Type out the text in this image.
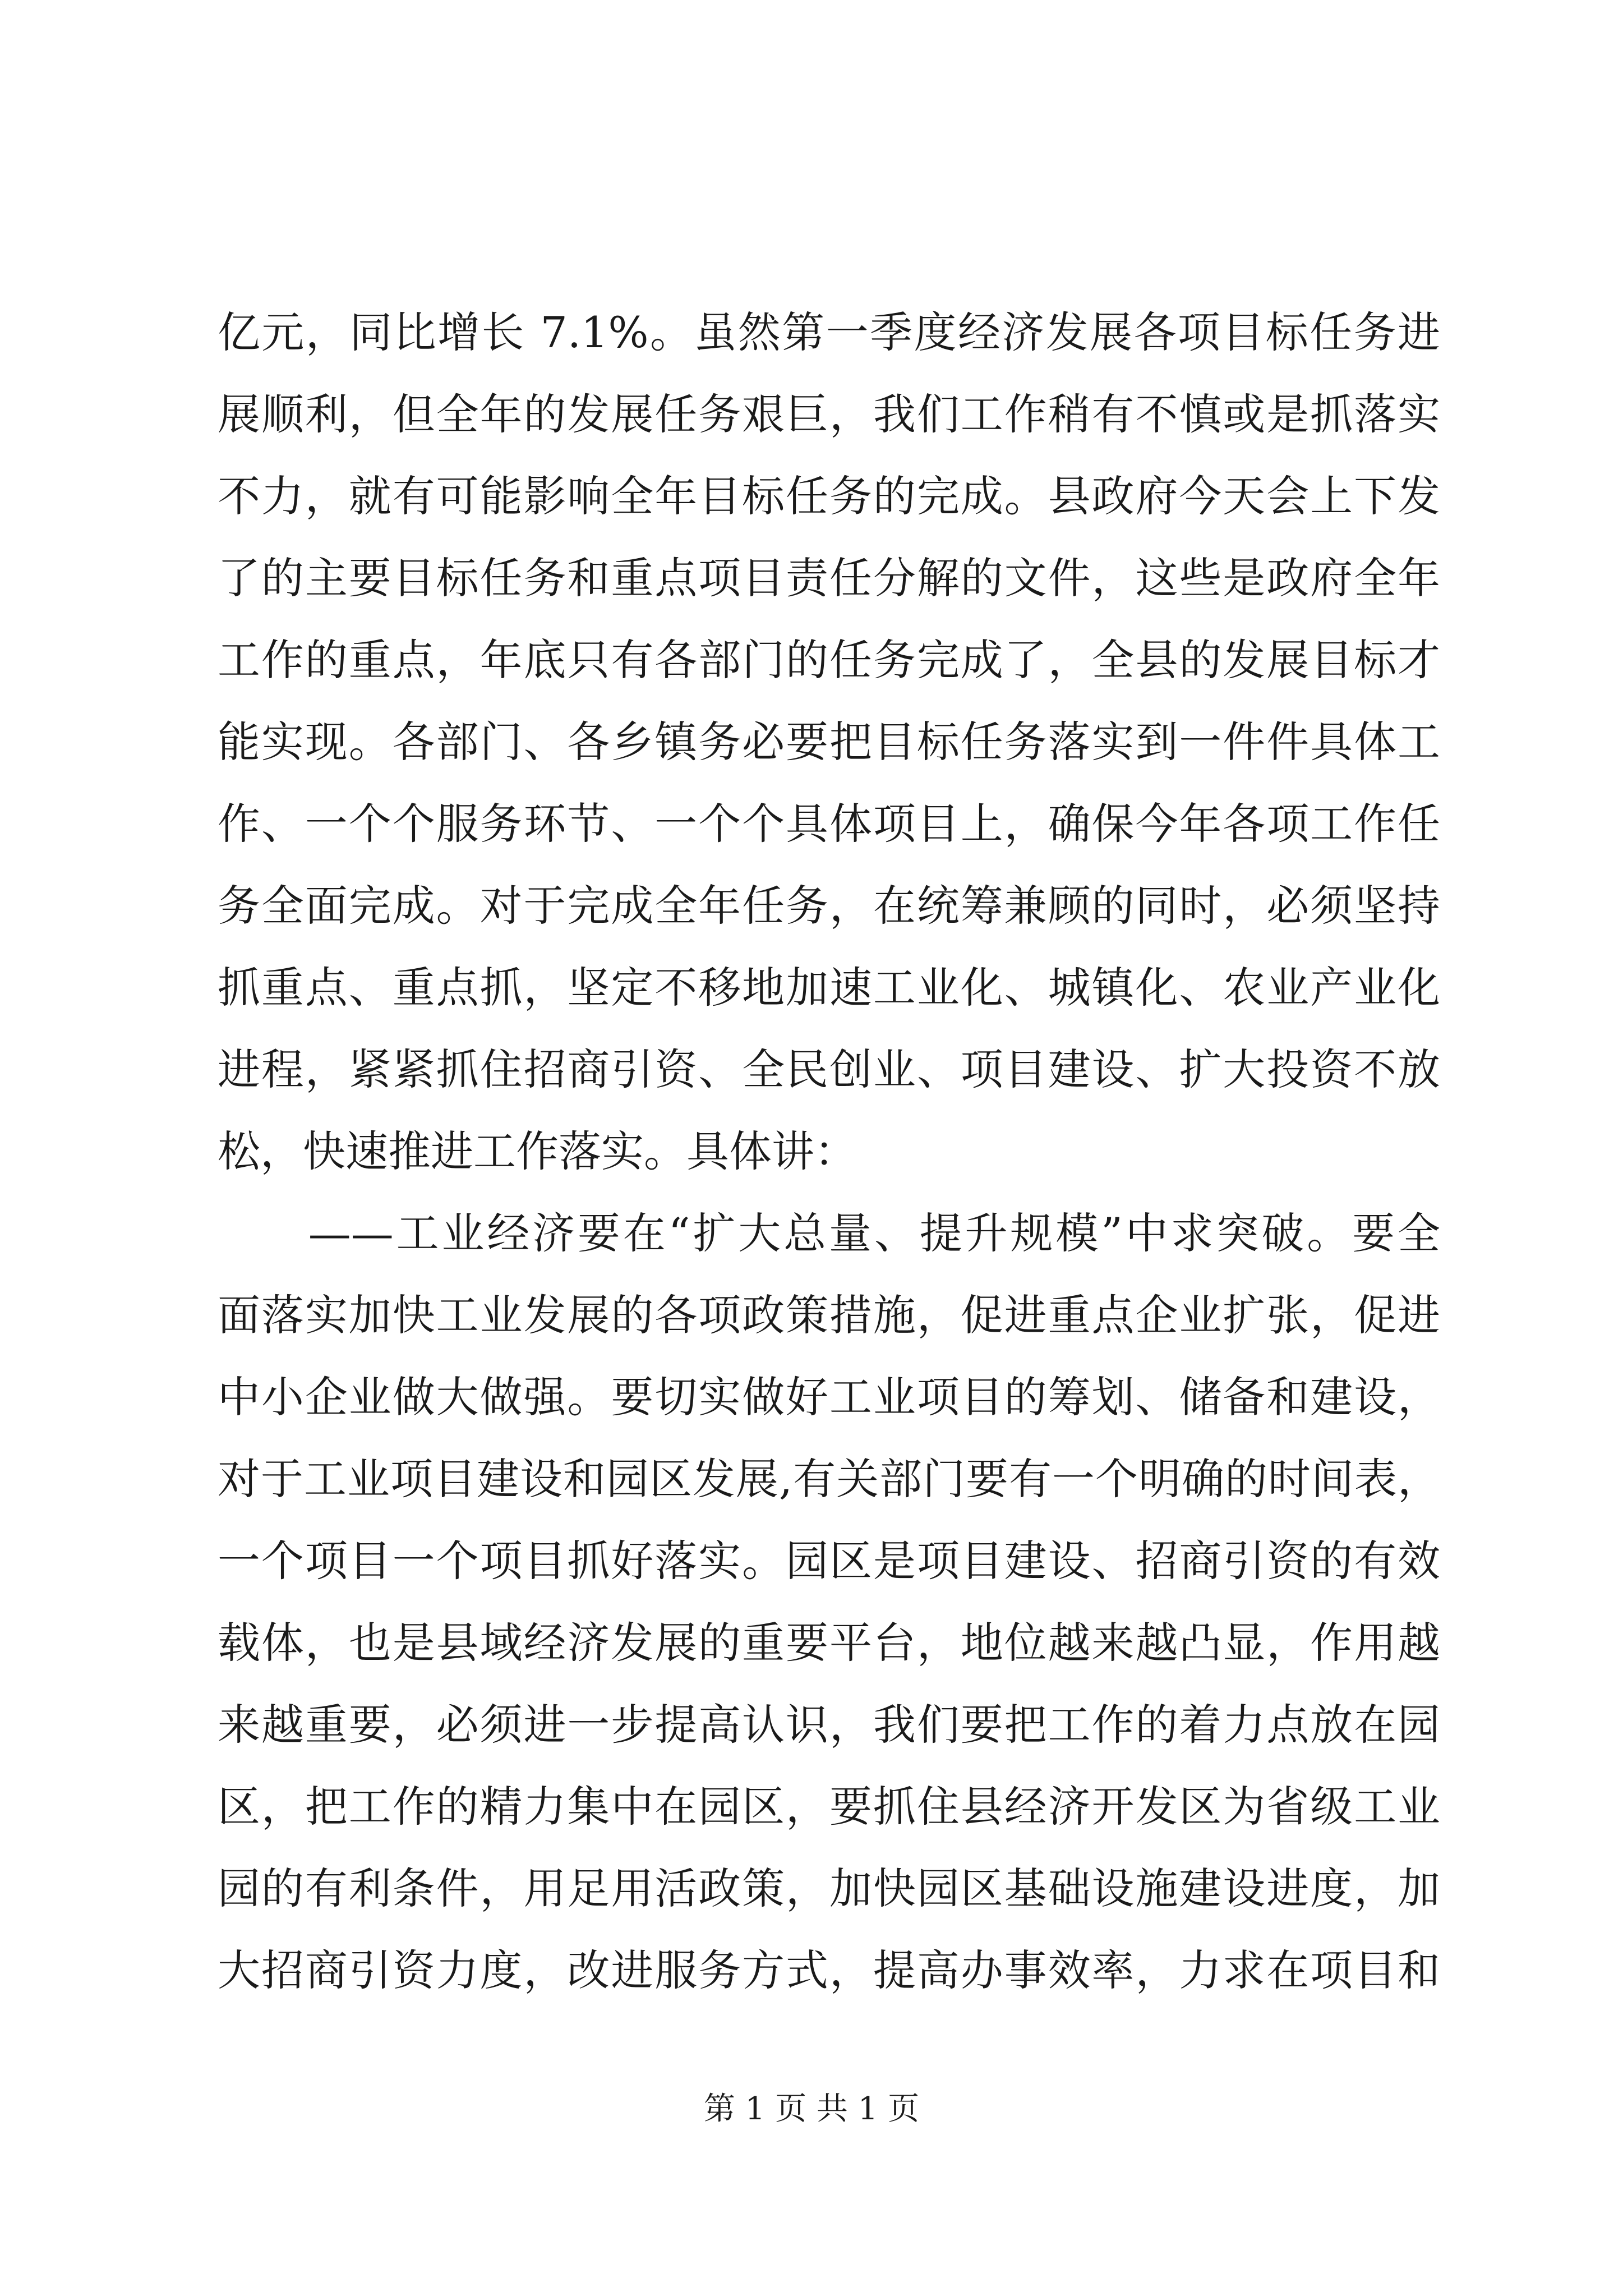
亿元，同比增长 7.1%。虽然第一季度经济发展各项目标任务进
展顺利，但全年的发展任务艰巨，我们工作稍有不慎或是抓落实
不力，就有可能影响全年目标任务的完成。县政府今天会上下发
了的主要目标任务和重点项目责任分解的文件，这些是政府全年
工作的重点，年底只有各部门的任务完成了，全县的发展目标才
能实现。各部门、各乡镇务必要把目标任务落实到一件件具体工
作、一个个服务环节、一个个具体项目上，确保今年各项工作任
务全面完成。对于完成全年任务，在统筹兼顾的同时，必须坚持
抓重点、重点抓，坚定不移地加速工业化、城镇化、农业产业化
进程，紧紧抓住招商引资、全民创业、项目建设、扩大投资不放
松，快速推进工作落实。具体讲：
　　——工业经济要在“扩大总量、提升规模”中求突破。要全
面落实加快工业发展的各项政策措施，促进重点企业扩张，促进
中小企业做大做强。要切实做好工业项目的筹划、储备和建设，
对于工业项目建设和园区发展,有关部门要有一个明确的时间表，
一个项目一个项目抓好落实。园区是项目建设、招商引资的有效
载体，也是县域经济发展的重要平台，地位越来越凸显，作用越
来越重要，必须进一步提高认识，我们要把工作的着力点放在园
区，把工作的精力集中在园区，要抓住县经济开发区为省级工业
园的有利条件，用足用活政策，加快园区基础设施建设进度，加
大招商引资力度，改进服务方式，提高办事效率，力求在项目和
第 1 页 共 1 页
